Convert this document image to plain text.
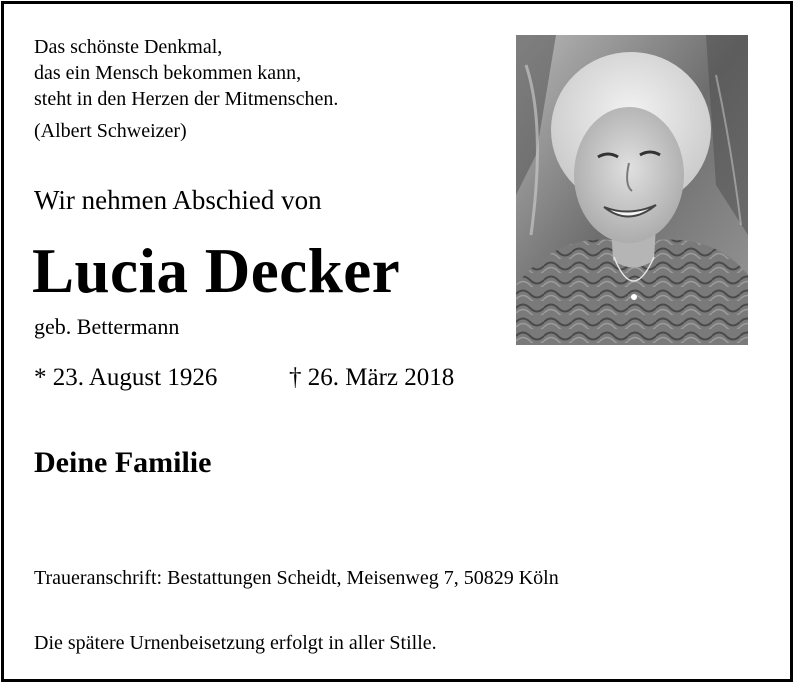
Das schönste Denkmal,
das ein Mensch bekommen kann,
steht in den Herzen der Mitmenschen.
(Albert Schweizer)
Wir nehmen Abschied von
Lucia Decker
geb. Bettermann
* 23. August 1926	† 26. März 2018
Deine Familie
Traueranschrift: Bestattungen Scheidt, Meisenweg 7, 50829 Köln
Die spätere Urnenbeisetzung erfolgt in aller Stille.
